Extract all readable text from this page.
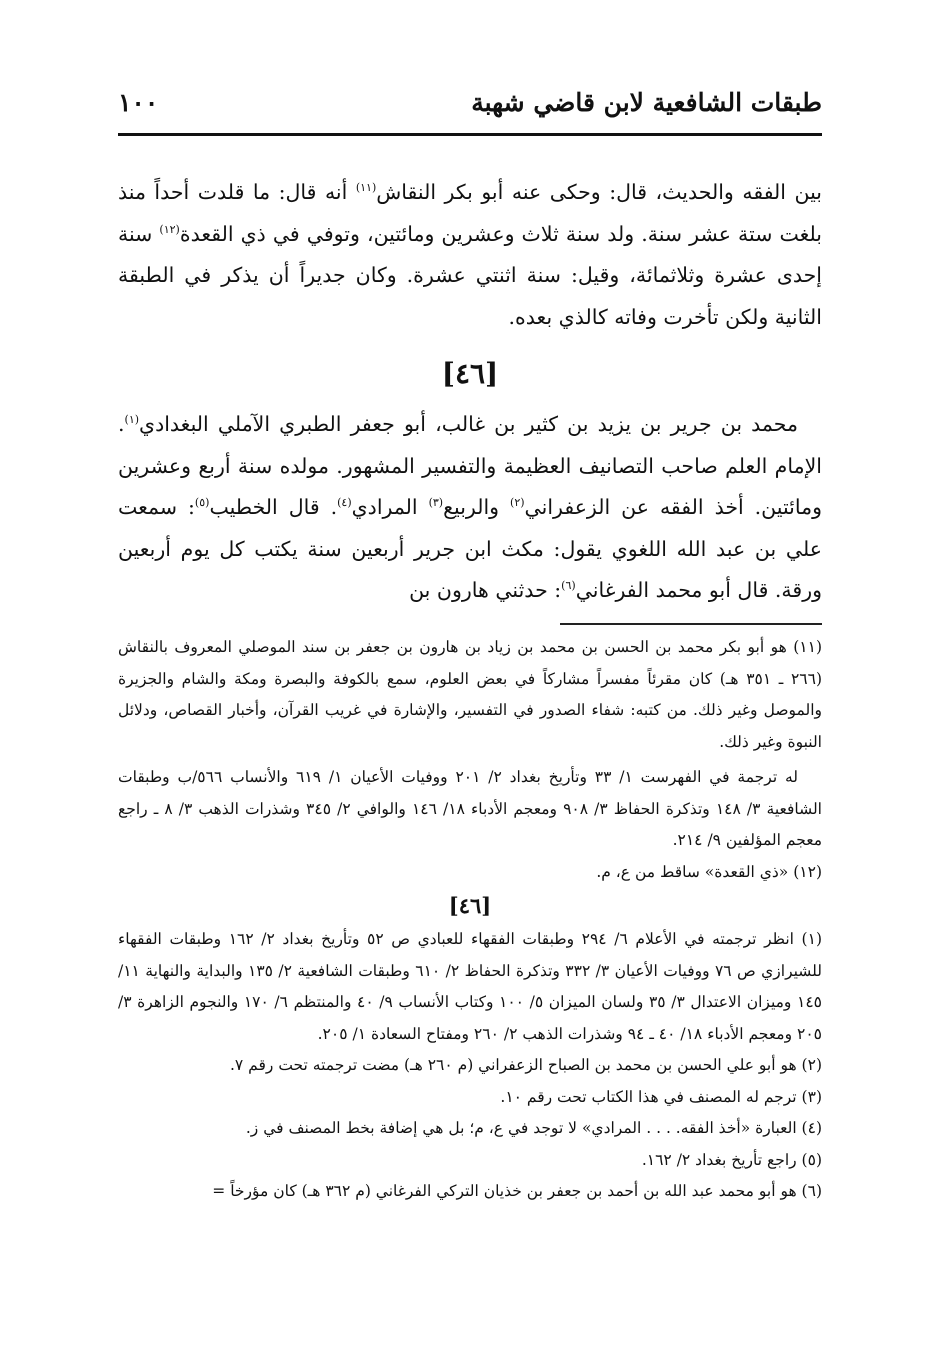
طبقات الشافعية لابن قاضي شهبة
١٠٠

بين الفقه والحديث، قال: وحكى عنه أبو بكر النقاش$^{(١١)}$ أنه قال: ما قلدت أحداً منذ بلغت ستة عشر سنة. ولد سنة ثلاث وعشرين ومائتين، وتوفي في ذي القعدة$^{(١٢)}$ سنة إحدى عشرة وثلاثمائة، وقيل: سنة اثنتي عشرة. وكان جديراً أن يذكر في الطبقة الثانية ولكن تأخرت وفاته كالذي بعده.

[٤٦]

محمد بن جرير بن يزيد بن كثير بن غالب، أبو جعفر الطبري الآملي البغدادي$^{(١)}$. الإمام العلم صاحب التصانيف العظيمة والتفسير المشهور. مولده سنة أربع وعشرين ومائتين. أخذ الفقه عن الزعفراني$^{(٢)}$ والربيع$^{(٣)}$ المرادي$^{(٤)}$. قال الخطيب$^{(٥)}$: سمعت علي بن عبد الله اللغوي يقول: مكث ابن جرير أربعين سنة يكتب كل يوم أربعين ورقة. قال أبو محمد الفرغاني$^{(٦)}$: حدثني هارون بن

(١١) هو أبو بكر محمد بن الحسن بن محمد بن زياد بن هارون بن جعفر بن سند الموصلي المعروف بالنقاش (٢٦٦ ـ ٣٥١ هـ) كان مقرئاً مفسراً مشاركاً في بعض العلوم، سمع بالكوفة والبصرة ومكة والشام والجزيرة والموصل وغير ذلك. من كتبه: شفاء الصدور في التفسير، والإشارة في غريب القرآن، وأخبار القصاص، ودلائل النبوة وغير ذلك.

له ترجمة في الفهرست ١/ ٣٣ وتأريخ بغداد ٢/ ٢٠١ ووفيات الأعيان ١/ ٦١٩ والأنساب ٥٦٦/ب وطبقات الشافعية ٣/ ١٤٨ وتذكرة الحفاظ ٣/ ٩٠٨ ومعجم الأدباء ١٨/ ١٤٦ والوافي ٢/ ٣٤٥ وشذرات الذهب ٣/ ٨ ـ راجع معجم المؤلفين ٩/ ٢١٤.

(١٢) «ذي القعدة» ساقط من ع، م.

[٤٦]

(١) انظر ترجمته في الأعلام ٦/ ٢٩٤ وطبقات الفقهاء للعبادي ص ٥٢ وتأريخ بغداد ٢/ ١٦٢ وطبقات الفقهاء للشيرازي ص ٧٦ ووفيات الأعيان ٣/ ٣٣٢ وتذكرة الحفاظ ٢/ ٦١٠ وطبقات الشافعية ٢/ ١٣٥ والبداية والنهاية ١١/ ١٤٥ وميزان الاعتدال ٣/ ٣٥ ولسان الميزان ٥/ ١٠٠ وكتاب الأنساب ٩/ ٤٠ والمنتظم ٦/ ١٧٠ والنجوم الزاهرة ٣/ ٢٠٥ ومعجم الأدباء ١٨/ ٤٠ ـ ٩٤ وشذرات الذهب ٢/ ٢٦٠ ومفتاح السعادة ١/ ٢٠٥.

(٢) هو أبو علي الحسن بن محمد بن الصباح الزعفراني (م ٢٦٠ هـ) مضت ترجمته تحت رقم ٧.

(٣) ترجم له المصنف في هذا الكتاب تحت رقم ١٠.

(٤) العبارة «أخذ الفقه. . . . المرادي» لا توجد في ع، م؛ بل هي إضافة بخط المصنف في ز.

(٥) راجع تأريخ بغداد ٢/ ١٦٢.

(٦) هو أبو محمد عبد الله بن أحمد بن جعفر بن خذيان التركي الفرغاني (م ٣٦٢ هـ) كان مؤرخاً =
